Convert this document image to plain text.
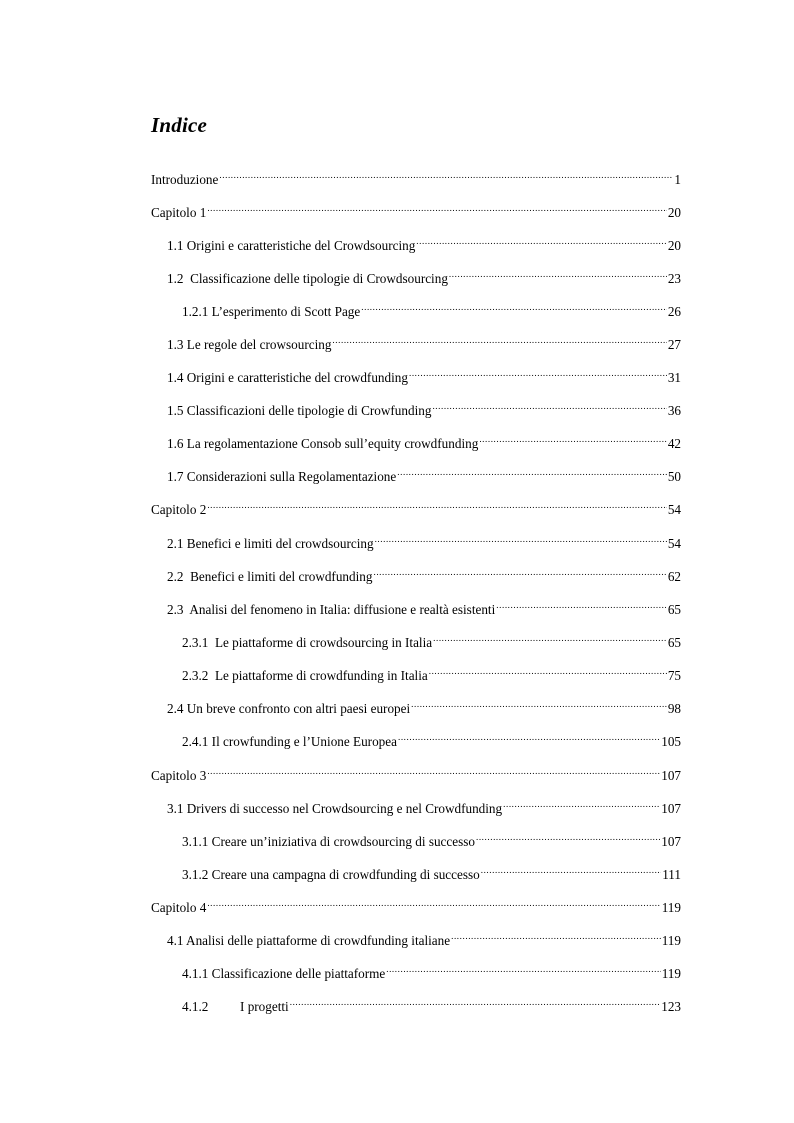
Indice
Introduzione .....	1
Capitolo 1 .....	20
1.1 Origini e caratteristiche del Crowdsourcing .....	20
1.2  Classificazione delle tipologie di Crowdsourcing .....	23
1.2.1 L’esperimento di Scott Page .....	26
1.3 Le regole del crowsourcing .....	27
1.4 Origini e caratteristiche del crowdfunding .....	31
1.5 Classificazioni delle tipologie di Crowfunding .....	36
1.6 La regolamentazione Consob sull’equity crowdfunding .....	42
1.7 Considerazioni sulla Regolamentazione .....	50
Capitolo 2 .....	54
2.1 Benefici e limiti del crowdsourcing .....	54
2.2  Benefici e limiti del crowdfunding .....	62
2.3  Analisi del fenomeno in Italia: diffusione e realtà esistenti .....	65
2.3.1  Le piattaforme di crowdsourcing in Italia .....	65
2.3.2  Le piattaforme di crowdfunding in Italia .....	75
2.4 Un breve confronto con altri paesi europei .....	98
2.4.1 Il crowfunding e l’Unione Europea .....	105
Capitolo 3 .....	107
3.1 Drivers di successo nel Crowdsourcing e nel Crowdfunding .....	107
3.1.1 Creare un’iniziativa di crowdsourcing di successo .....	107
3.1.2 Creare una campagna di crowdfunding di successo .....	111
Capitolo 4 .....	119
4.1 Analisi delle piattaforme di crowdfunding italiane .....	119
4.1.1 Classificazione delle piattaforme .....	119
4.1.2 I progetti .....	123
